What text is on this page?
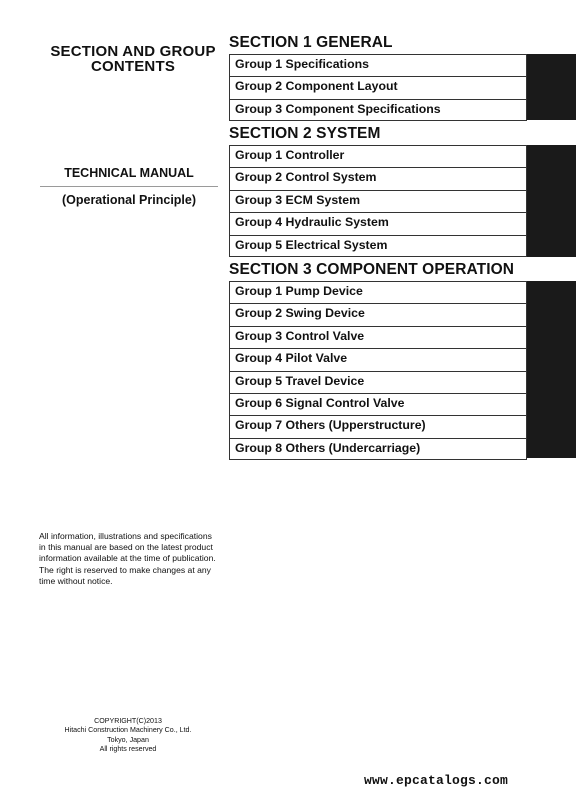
SECTION AND GROUP
CONTENTS
TECHNICAL MANUAL
(Operational Principle)

All information, illustrations and specifications in this manual are based on the latest product information available at the time of publication. The right is reserved to make changes at any time without notice.

COPYRIGHT(C)2013
Hitachi Construction Machinery Co., Ltd.
Tokyo, Japan
All rights reserved
SECTION 1 GENERAL
Group 1 Specifications
Group 2 Component Layout
Group 3 Component Specifications
SECTION 2 SYSTEM
Group 1 Controller
Group 2 Control System
Group 3 ECM System
Group 4 Hydraulic System
Group 5 Electrical System
SECTION 3 COMPONENT OPERATION
Group 1 Pump Device
Group 2 Swing Device
Group 3 Control Valve
Group 4 Pilot Valve
Group 5 Travel Device
Group 6 Signal Control Valve
Group 7 Others (Upperstructure)
Group 8 Others (Undercarriage)
www.epcatalogs.com
